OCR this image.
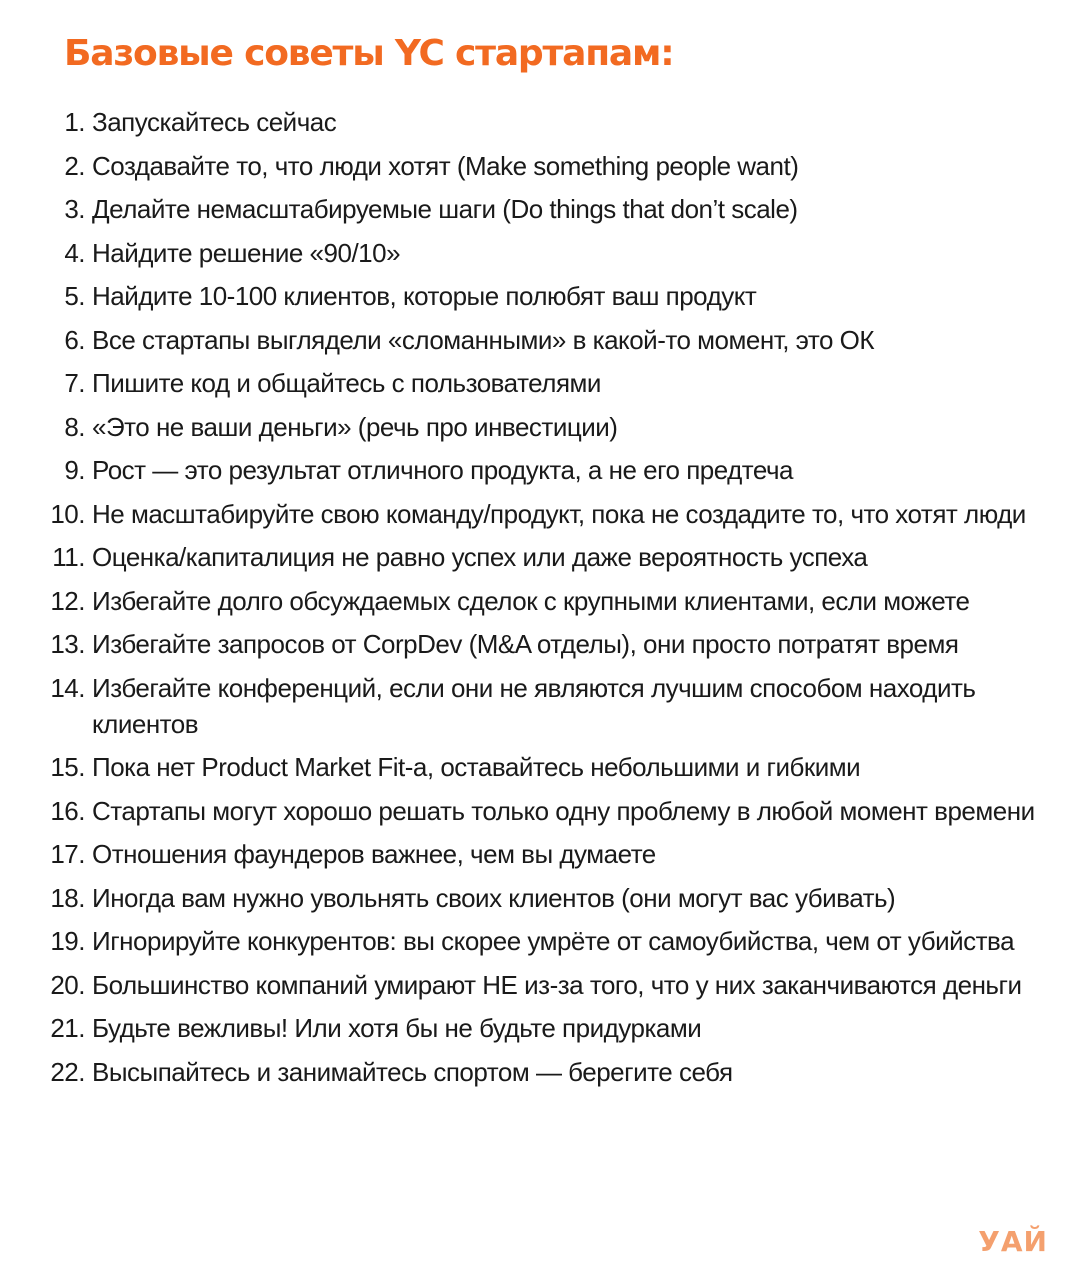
Базовые советы YC стартапам:
1. Запускайтесь сейчас
2. Создавайте то, что люди хотят (Make something people want)
3. Делайте немасштабируемые шаги (Do things that don’t scale)
4. Найдите решение «90/10»
5. Найдите 10-100 клиентов, которые полюбят ваш продукт
6. Все стартапы выглядели «сломанными» в какой-то момент, это ОК
7. Пишите код и общайтесь с пользователями
8. «Это не ваши деньги» (речь про инвестиции)
9. Рост — это результат отличного продукта, а не его предтеча
10. Не масштабируйте свою команду/продукт, пока не создадите то, что хотят люди
11. Оценка/капиталиция не равно успех или даже вероятность успеха
12. Избегайте долго обсуждаемых сделок с крупными клиентами, если можете
13. Избегайте запросов от CorpDev (M&A отделы), они просто потратят время
14. Избегайте конференций, если они не являются лучшим способом находить клиентов
15. Пока нет Product Market Fit-а, оставайтесь небольшими и гибкими
16. Стартапы могут хорошо решать только одну проблему в любой момент времени
17. Отношения фаундеров важнее, чем вы думаете
18. Иногда вам нужно увольнять своих клиентов (они могут вас убивать)
19. Игнорируйте конкурентов: вы скорее умрёте от самоубийства, чем от убийства
20. Большинство компаний умирают НЕ из-за того, что у них заканчиваются деньги
21. Будьте вежливы! Или хотя бы не будьте придурками
22. Высыпайтесь и занимайтесь спортом — берегите себя
УАЙ
